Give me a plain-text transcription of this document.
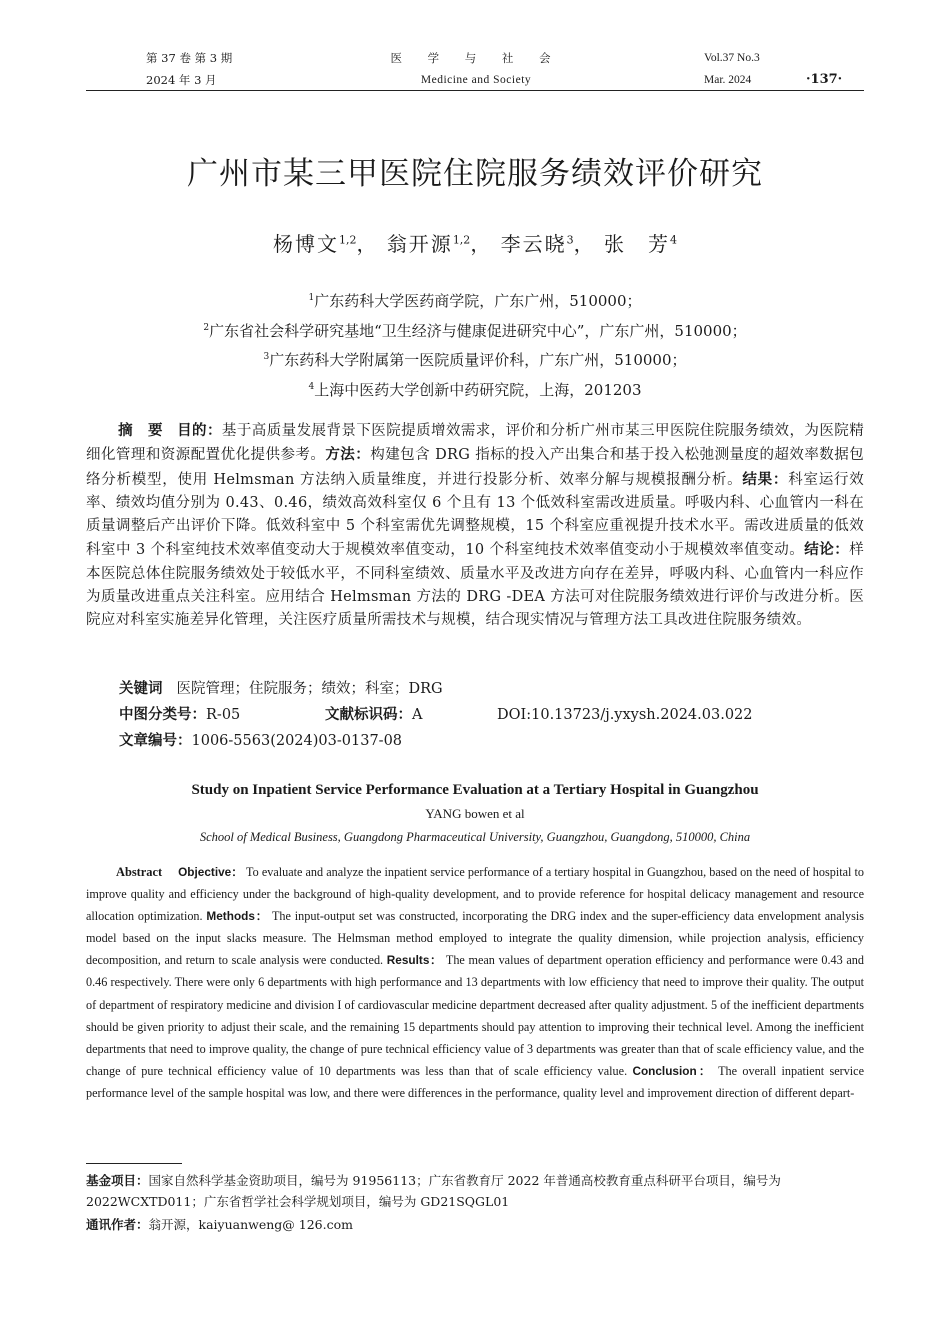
第 37 卷 第 3 期
2024 年 3 月
医 学 与 社 会
Medicine and Society
Vol.37 No.3
Mar. 2024	·137·
广州市某三甲医院住院服务绩效评价研究
杨博文$^{1,2}$， 翁开源$^{1,2}$， 李云晓$^3$， 张　芳$^4$
$^1$广东药科大学医药商学院，广东广州，510000；
$^2$广东省社会科学研究基地“卫生经济与健康促进研究中心”，广东广州，510000；
$^3$广东药科大学附属第一医院质量评价科，广东广州，510000；
$^4$上海中医药大学创新中药研究院，上海，201203
摘　要 目的：基于高质量发展背景下医院提质增效需求，评价和分析广州市某三甲医院住院服务绩效，为医院精细化管理和资源配置优化提供参考。方法：构建包含 DRG 指标的投入产出集合和基于投入松弛测量度的超效率数据包络分析模型，使用 Helmsman 方法纳入质量维度，并进行投影分析、效率分解与规模报酬分析。结果：科室运行效率、绩效均值分别为 0.43、0.46，绩效高效科室仅 6 个且有 13 个低效科室需改进质量。呼吸内科、心血管内一科在质量调整后产出评价下降。低效科室中 5 个科室需优先调整规模，15 个科室应重视提升技术水平。需改进质量的低效科室中 3 个科室纯技术效率值变动大于规模效率值变动，10 个科室纯技术效率值变动小于规模效率值变动。结论：样本医院总体住院服务绩效处于较低水平，不同科室绩效、质量水平及改进方向存在差异，呼吸内科、心血管内一科应作为质量改进重点关注科室。应用结合 Helmsman 方法的 DRG -DEA 方法可对住院服务绩效进行评价与改进分析。医院应对科室实施差异化管理，关注医疗质量所需技术与规模，结合现实情况与管理方法工具改进住院服务绩效。
关键词 医院管理；住院服务；绩效；科室；DRG
中图分类号：R-05	文献标识码：A	DOI:10.13723/j.yxysh.2024.03.022
文章编号：1006-5563(2024)03-0137-08
Study on Inpatient Service Performance Evaluation at a Tertiary Hospital in Guangzhou
YANG bowen et al
School of Medical Business, Guangdong Pharmaceutical University, Guangzhou, Guangdong, 510000, China
Abstract Objective： To evaluate and analyze the inpatient service performance of a tertiary hospital in Guangzhou, based on the need of hospital to improve quality and efficiency under the background of high-quality development, and to provide reference for hospital delicacy management and resource allocation optimization. Methods： The input-output set was constructed, incorporating the DRG index and the super-efficiency data envelopment analysis model based on the input slacks measure. The Helmsman method employed to integrate the quality dimension, while projection analysis, efficiency decomposition, and return to scale analysis were conducted. Results： The mean values of department operation efficiency and performance were 0.43 and 0.46 respectively. There were only 6 departments with high performance and 13 departments with low efficiency that need to improve their quality. The output of department of respiratory medicine and division I of cardiovascular medicine department decreased after quality adjustment. 5 of the inefficient departments should be given priority to adjust their scale, and the remaining 15 departments should pay attention to improving their technical level. Among the inefficient departments that need to improve quality, the change of pure technical efficiency value of 3 departments was greater than that of scale efficiency value, and the change of pure technical efficiency value of 10 departments was less than that of scale efficiency value. Conclusion： The overall inpatient service performance level of the sample hospital was low, and there were differences in the performance, quality level and improvement direction of different depart-
基金项目：国家自然科学基金资助项目，编号为 91956113；广东省教育厅 2022 年普通高校教育重点科研平台项目，编号为 2022WCXTD011；广东省哲学社会科学规划项目，编号为 GD21SQGL01
通讯作者：翁开源，kaiyuanweng@ 126.com
